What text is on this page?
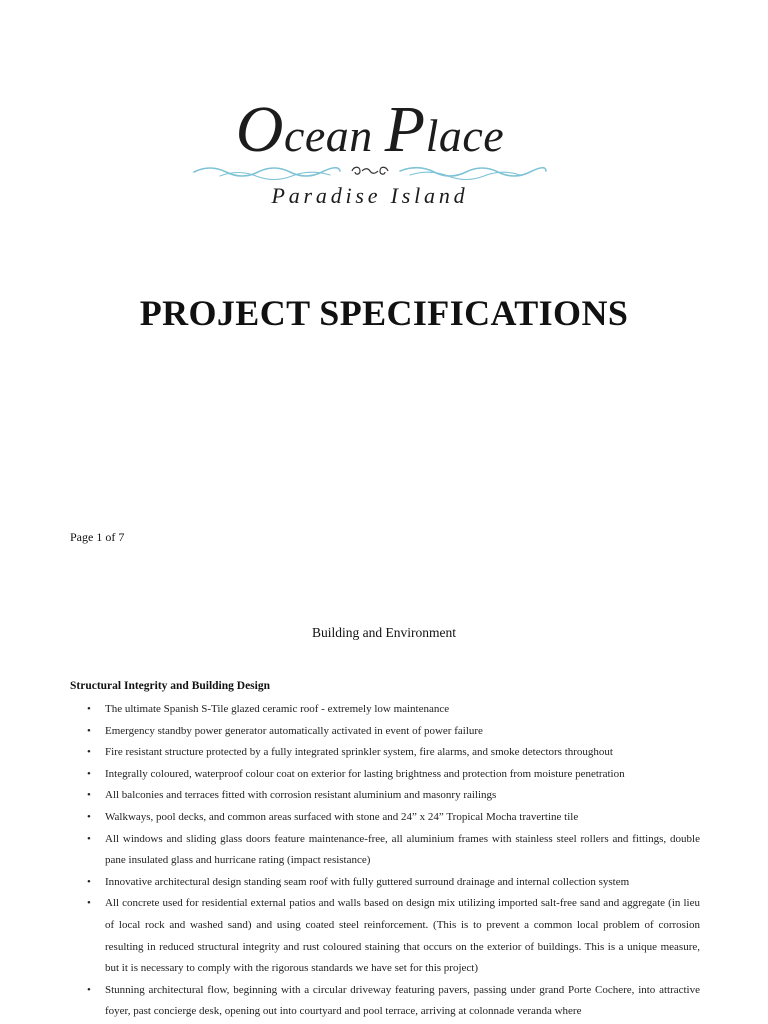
Ocean Place
Paradise Island
PROJECT SPECIFICATIONS
Page 1 of 7
Building and Environment
Structural Integrity and Building Design
• The ultimate Spanish S-Tile glazed ceramic roof - extremely low maintenance
• Emergency standby power generator automatically activated in event of power failure
• Fire resistant structure protected by a fully integrated sprinkler system, fire alarms, and smoke detectors throughout
• Integrally coloured, waterproof colour coat on exterior for lasting brightness and protection from moisture penetration
• All balconies and terraces fitted with corrosion resistant aluminium and masonry railings
• Walkways, pool decks, and common areas surfaced with stone and 24” x 24” Tropical Mocha travertine tile
• All windows and sliding glass doors feature maintenance-free, all aluminium frames with stainless steel rollers and fittings, double pane insulated glass and hurricane rating (impact resistance)
• Innovative architectural design standing seam roof with fully guttered surround drainage and internal collection system
• All concrete used for residential external patios and walls based on design mix utilizing imported salt-free sand and aggregate (in lieu of local rock and washed sand) and using coated steel reinforcement. (This is to prevent a common local problem of corrosion resulting in reduced structural integrity and rust coloured staining that occurs on the exterior of buildings. This is a unique measure, but it is necessary to comply with the rigorous standards we have set for this project)
• Stunning architectural flow, beginning with a circular driveway featuring pavers, passing under grand Porte Cochere, into attractive foyer, past concierge desk, opening out into courtyard and pool terrace, arriving at colonnade veranda where
